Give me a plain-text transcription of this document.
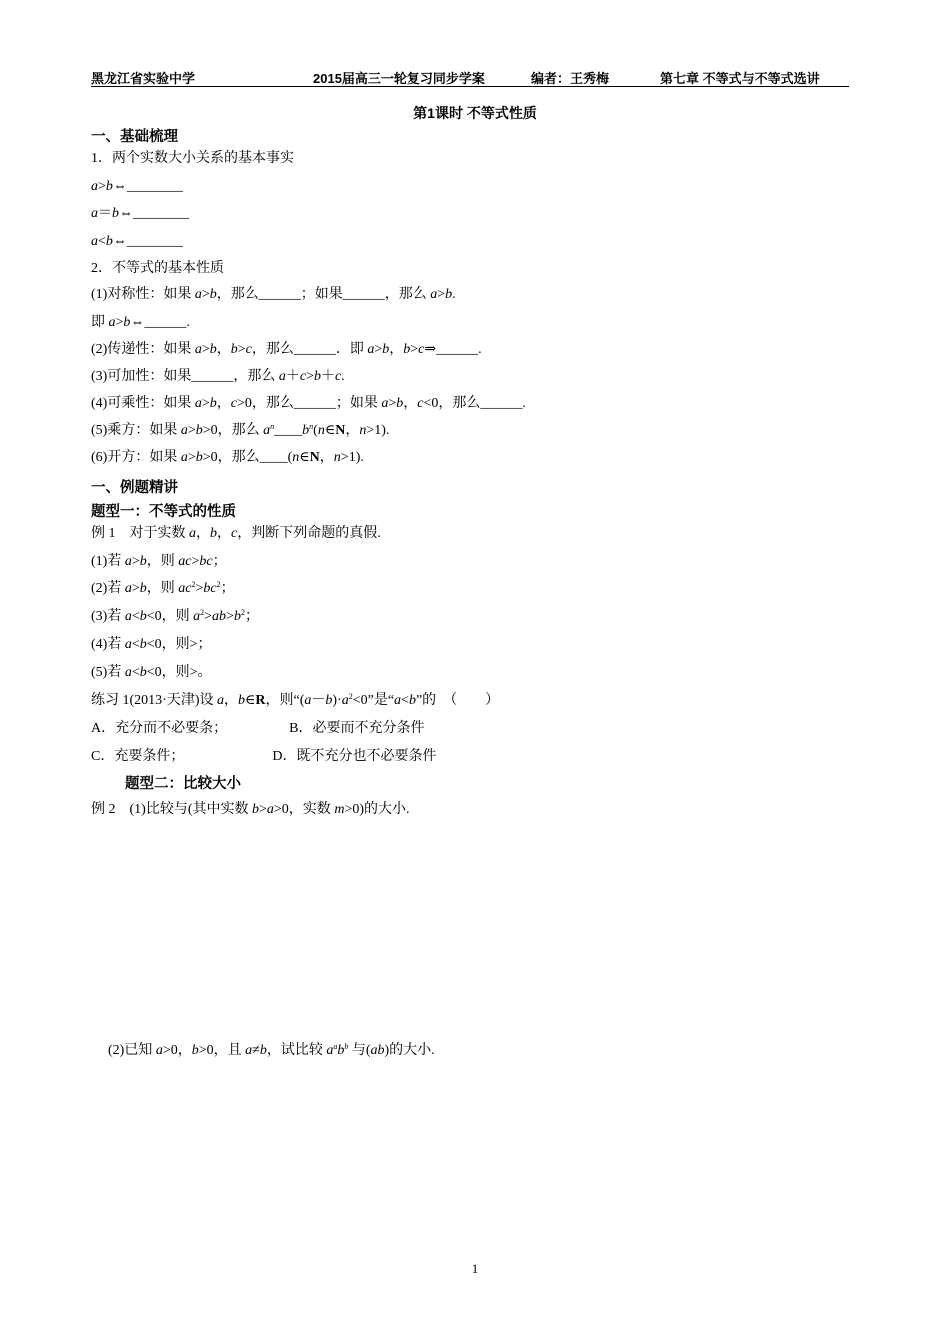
黑龙江省实验中学	2015届高三一轮复习同步学案	编者：王秀梅	第七章 不等式与不等式选讲
第1课时 不等式性质
一、基础梳理
1．两个实数大小关系的基本事实
a>b⇔________
a＝b⇔________
a<b⇔________
2．不等式的基本性质
(1)对称性：如果 a>b，那么______；如果______，那么 a>b.
即 a>b⇔______.
(2)传递性：如果 a>b，b>c，那么______．即 a>b，b>c⇒______.
(3)可加性：如果______，那么 a＋c>b＋c.
(4)可乘性：如果 a>b，c>0，那么______；如果 a>b，c<0，那么______.
(5)乘方：如果 a>b>0，那么 $a^n\_\_\_\_b^n(n\in N$，n>1).
(6)开方：如果 a>b>0，那么____(n∈N，n>1).
一、例题精讲
题型一：不等式的性质
例 1　对于实数 a，b，c，判断下列命题的真假.
(1)若 a>b，则 ac>bc；
(2)若 a>b，则 $ac^2>bc^2$；
(3)若 a<b<0，则 $a^2>ab>b^2$；
(4)若 a<b<0，则>；
(5)若 a<b<0，则>。
练习 1(2013·天津)设 a，b∈R，则“$(a-b)\cdot a^2<0$”是“a<b”的　（　　）
A．充分而不必要条；	B．必要而不充分条件
C．充要条件；	D．既不充分也不必要条件
题型二：比较大小
例 2　(1)比较与(其中实数 b>a>0，实数 m>0)的大小.
(2)已知 a>0，b>0，且 a≠b，试比较 $a^ab^b$ 与(ab)的大小.
1
